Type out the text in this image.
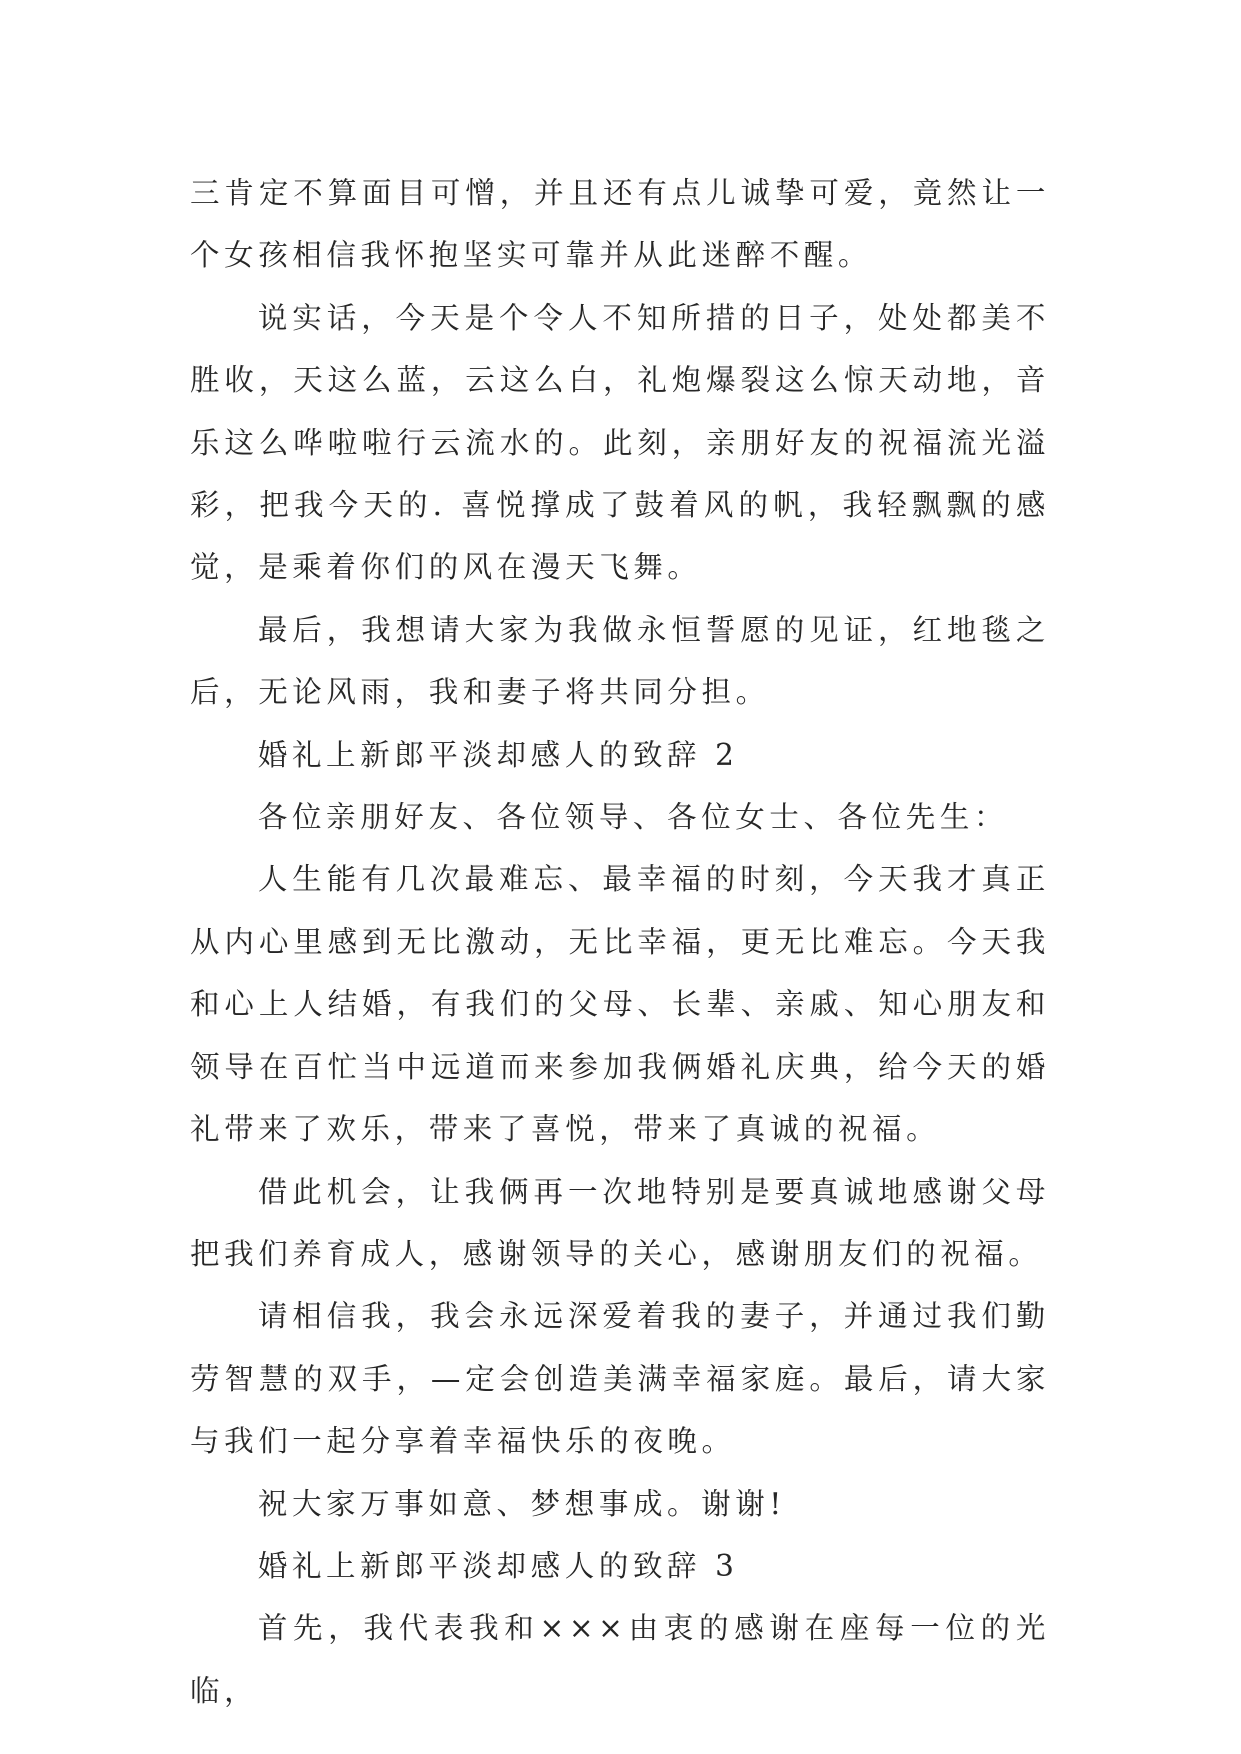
三肯定不算面目可憎，并且还有点儿诚挚可爱，竟然让一个女孩相信我怀抱坚实可靠并从此迷醉不醒。

说实话，今天是个令人不知所措的日子，处处都美不胜收，天这么蓝，云这么白，礼炮爆裂这么惊天动地，音乐这么哗啦啦行云流水的。此刻，亲朋好友的祝福流光溢彩，把我今天的. 喜悦撑成了鼓着风的帆，我轻飘飘的感觉，是乘着你们的风在漫天飞舞。

最后，我想请大家为我做永恒誓愿的见证，红地毯之后，无论风雨，我和妻子将共同分担。

婚礼上新郎平淡却感人的致辞 2

各位亲朋好友、各位领导、各位女士、各位先生：

人生能有几次最难忘、最幸福的时刻，今天我才真正从内心里感到无比激动，无比幸福，更无比难忘。今天我和心上人结婚，有我们的父母、长辈、亲戚、知心朋友和领导在百忙当中远道而来参加我俩婚礼庆典，给今天的婚礼带来了欢乐，带来了喜悦，带来了真诚的祝福。

借此机会，让我俩再一次地特别是要真诚地感谢父母把我们养育成人，感谢领导的关心，感谢朋友们的祝福。

请相信我，我会永远深爱着我的妻子，并通过我们勤劳智慧的双手，—定会创造美满幸福家庭。最后，请大家与我们一起分享着幸福快乐的夜晚。

祝大家万事如意、梦想事成。谢谢!

婚礼上新郎平淡却感人的致辞 3

首先，我代表我和×××由衷的感谢在座每一位的光临，
